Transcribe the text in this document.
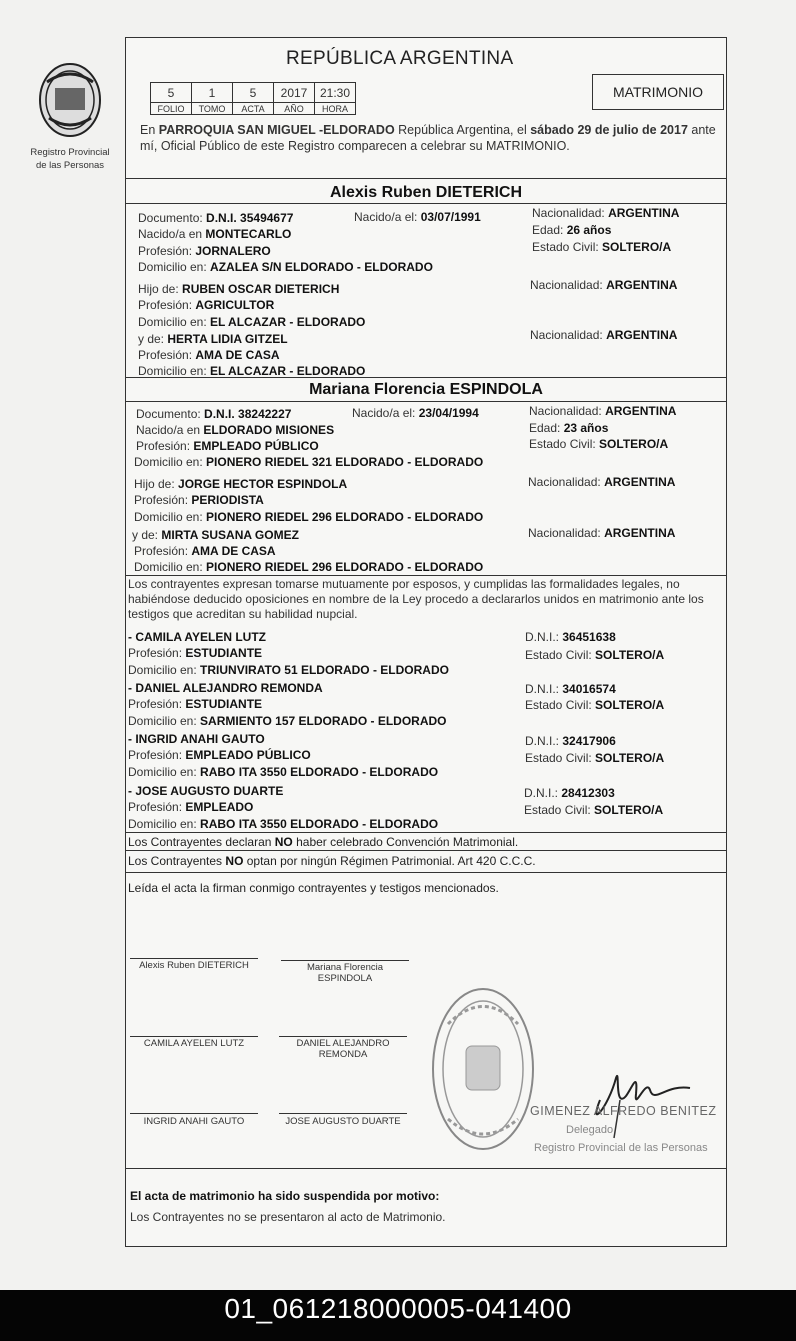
Registro Provincial
de las Personas
REPÚBLICA ARGENTINA
5	1	5	2017	21:30
FOLIO	TOMO	ACTA	AÑO	HORA
MATRIMONIO
En PARROQUIA SAN MIGUEL -ELDORADO República Argentina, el sábado 29 de julio de 2017 ante mí, Oficial Público de este Registro comparecen a celebrar su MATRIMONIO.
Alexis Ruben DIETERICH
Documento: D.N.I. 35494677	Nacido/a el: 03/07/1991	Nacionalidad: ARGENTINA
Nacido/a en MONTECARLO	Edad: 26 años
Profesión: JORNALERO	Estado Civil: SOLTERO/A
Domicilio en: AZALEA S/N ELDORADO - ELDORADO
Hijo de: RUBEN OSCAR DIETERICH	Nacionalidad: ARGENTINA
Profesión: AGRICULTOR
Domicilio en: EL ALCAZAR - ELDORADO
y de: HERTA LIDIA GITZEL	Nacionalidad: ARGENTINA
Profesión: AMA DE CASA
Domicilio en: EL ALCAZAR - ELDORADO
Mariana Florencia ESPINDOLA
Documento: D.N.I. 38242227	Nacido/a el: 23/04/1994	Nacionalidad: ARGENTINA
Nacido/a en ELDORADO MISIONES	Edad: 23 años
Profesión: EMPLEADO PÚBLICO	Estado Civil: SOLTERO/A
Domicilio en: PIONERO RIEDEL 321 ELDORADO - ELDORADO
Hijo de: JORGE HECTOR ESPINDOLA	Nacionalidad: ARGENTINA
Profesión: PERIODISTA
Domicilio en: PIONERO RIEDEL 296 ELDORADO - ELDORADO
y de: MIRTA SUSANA GOMEZ	Nacionalidad: ARGENTINA
Profesión: AMA DE CASA
Domicilio en: PIONERO RIEDEL 296 ELDORADO - ELDORADO
Los contrayentes expresan tomarse mutuamente por esposos, y cumplidas las formalidades legales, no habiéndose deducido oposiciones en nombre de la Ley procedo a declararlos unidos en matrimonio ante los testigos que acreditan su habilidad nupcial.
- CAMILA AYELEN LUTZ
Profesión: ESTUDIANTE
Domicilio en: TRIUNVIRATO 51 ELDORADO - ELDORADO
D.N.I.: 36451638
Estado Civil: SOLTERO/A
- DANIEL ALEJANDRO REMONDA
Profesión: ESTUDIANTE
Domicilio en: SARMIENTO 157 ELDORADO - ELDORADO
D.N.I.: 34016574
Estado Civil: SOLTERO/A
- INGRID ANAHI GAUTO
Profesión: EMPLEADO PÚBLICO
Domicilio en: RABO ITA 3550 ELDORADO - ELDORADO
D.N.I.: 32417906
Estado Civil: SOLTERO/A
- JOSE AUGUSTO DUARTE
Profesión: EMPLEADO
Domicilio en: RABO ITA 3550 ELDORADO - ELDORADO
D.N.I.: 28412303
Estado Civil: SOLTERO/A
Los Contrayentes declaran NO haber celebrado Convención Matrimonial.
Los Contrayentes NO optan por ningún Régimen Patrimonial. Art 420 C.C.C.
Leída el acta la firman conmigo contrayentes y testigos mencionados.
Alexis Ruben DIETERICH	Mariana Florencia ESPINDOLA
CAMILA AYELEN LUTZ	DANIEL ALEJANDRO REMONDA
INGRID ANAHI GAUTO	JOSE AUGUSTO DUARTE
El acta de matrimonio ha sido suspendida por motivo:
Los Contrayentes no se presentaron al acto de Matrimonio.
GIMENEZ ALFREDO BENITEZ
Delegado
Registro Provincial de las Personas
01_061218000005-041400
